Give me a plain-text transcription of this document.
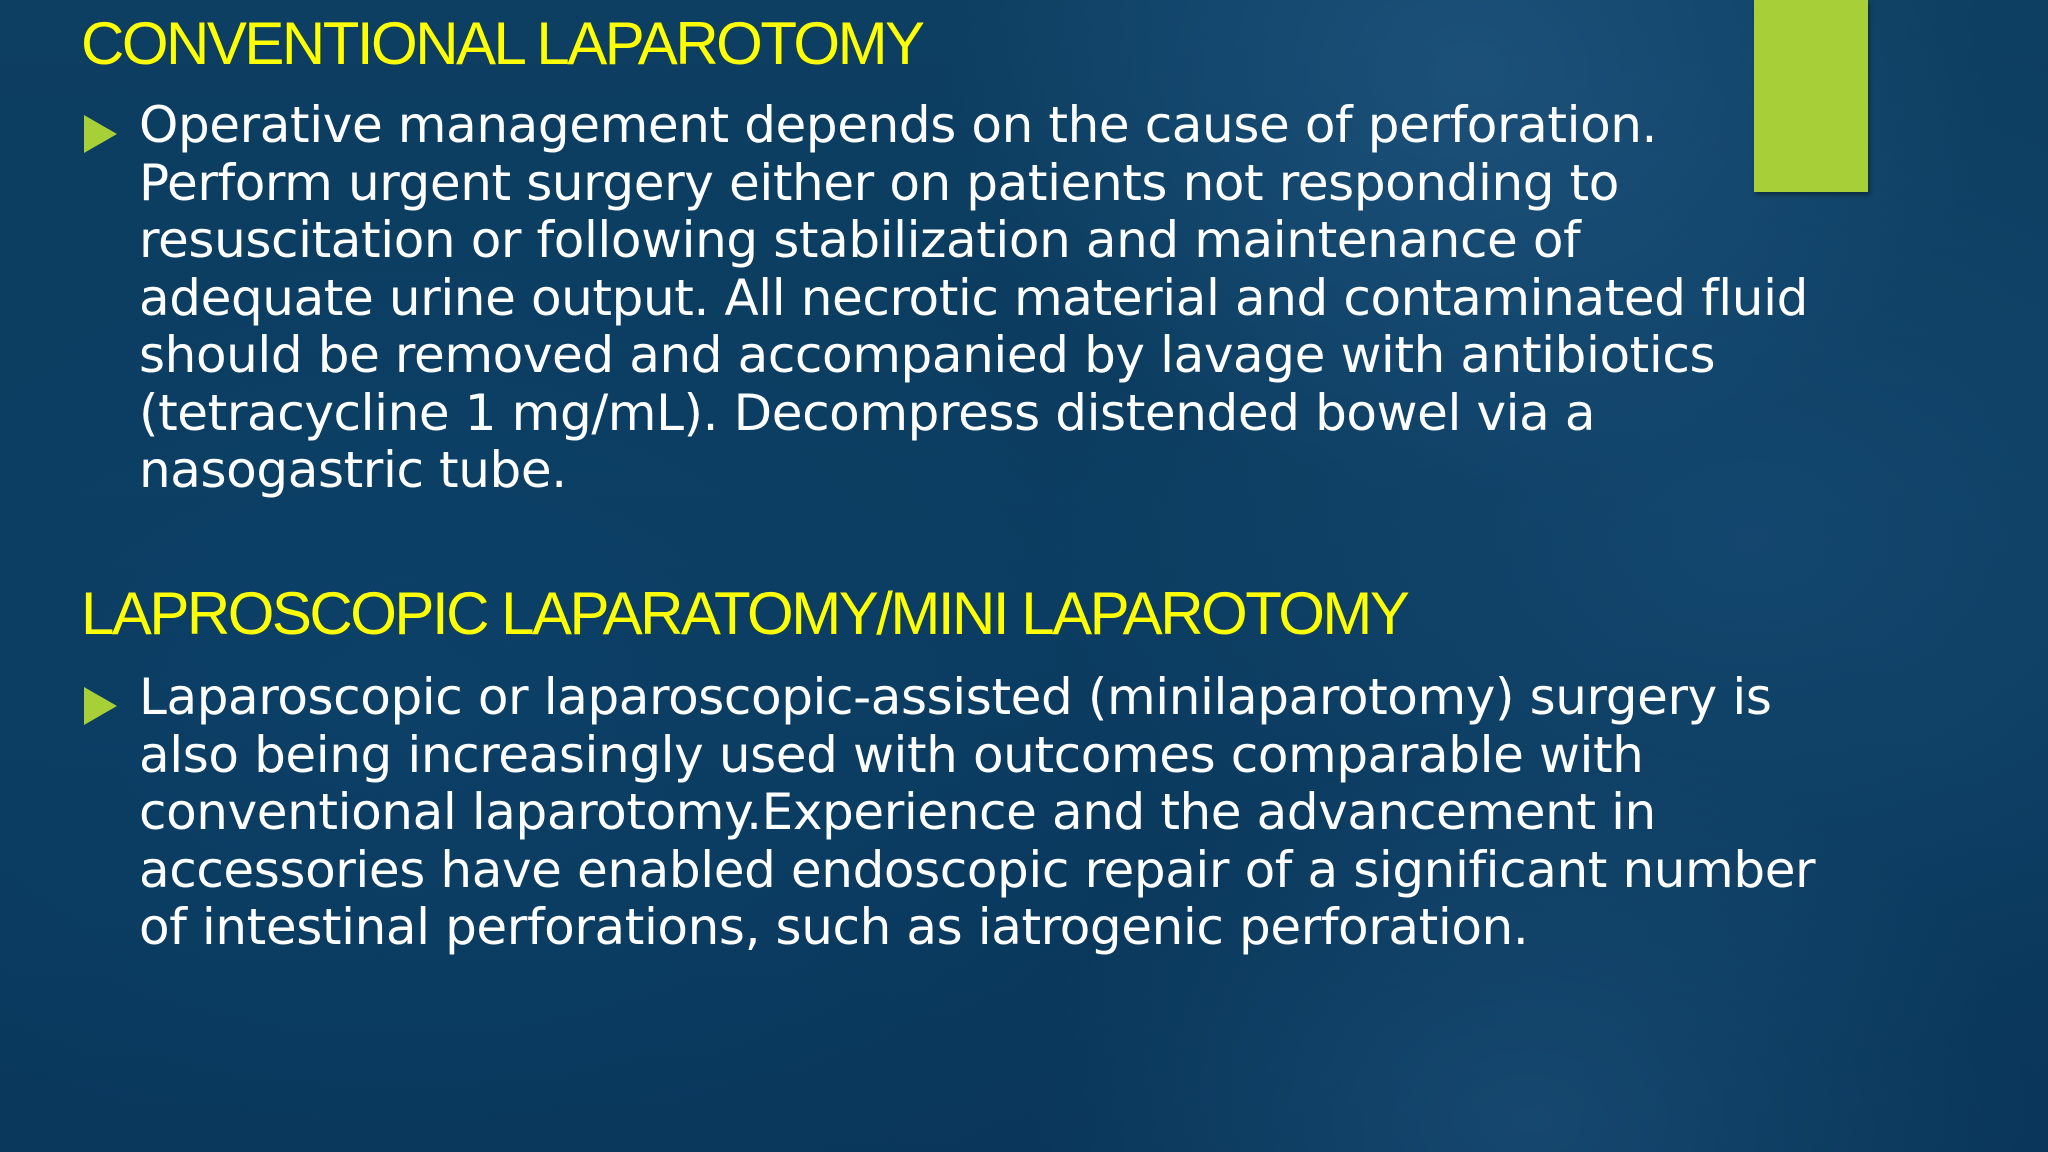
CONVENTIONAL LAPAROTOMY

Operative management depends on the cause of perforation.
Perform urgent surgery either on patients not responding to
resuscitation or following stabilization and maintenance of
adequate urine output. All necrotic material and contaminated fluid
should be removed and accompanied by lavage with antibiotics
(tetracycline 1 mg/mL). Decompress distended bowel via a
nasogastric tube.

LAPROSCOPIC LAPARATOMY/MINI LAPAROTOMY

Laparoscopic or laparoscopic-assisted (minilaparotomy) surgery is
also being increasingly used with outcomes comparable with
conventional laparotomy.Experience and the advancement in
accessories have enabled endoscopic repair of a significant number
of intestinal perforations, such as iatrogenic perforation.
